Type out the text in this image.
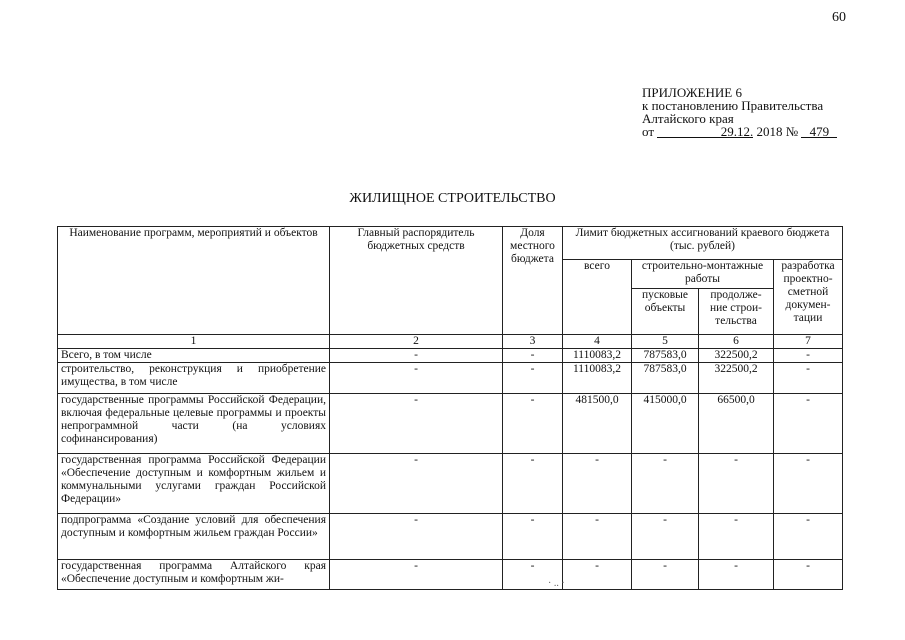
60
ПРИЛОЖЕНИЕ 6
к постановлению Правительства
Алтайского края
от	29.12. 2018 № 479
ЖИЛИЩНОЕ СТРОИТЕЛЬСТВО
Наименование программ, мероприятий и объектов	Главный распорядитель бюджетных средств	Доля местного бюджета	Лимит бюджетных ассигнований краевого бюджета (тыс. рублей)			
			всего	строительно-монтажные работы		разработка проектно-сметной докумен-тации
				пусковые объекты	продолже-ние строи-тельства	
1	2	3	4	5	6	7
Всего, в том числе	-	-	1110083,2	787583,0	322500,2	-
строительство, реконструкция и приобретение имущества, в том числе	-	-	1110083,2	787583,0	322500,2	-
государственные программы Российской Федерации, включая федеральные целевые программы и проекты непрограммной части (на условиях софинансирования)	-	-	481500,0	415000,0	66500,0	-
государственная программа Российской Федерации «Обеспечение доступным и комфортным жильем и коммунальными услугами граждан Российской Федерации»	-	-	-	-	-	-
подпрограмма «Создание условий для обеспечения доступным и комфортным жильем граждан России»	-	-	-	-	-	-
государственная программа Алтайского края «Обеспечение доступным и комфортным жи-	-	-	-	-	-	-
· .. ·
